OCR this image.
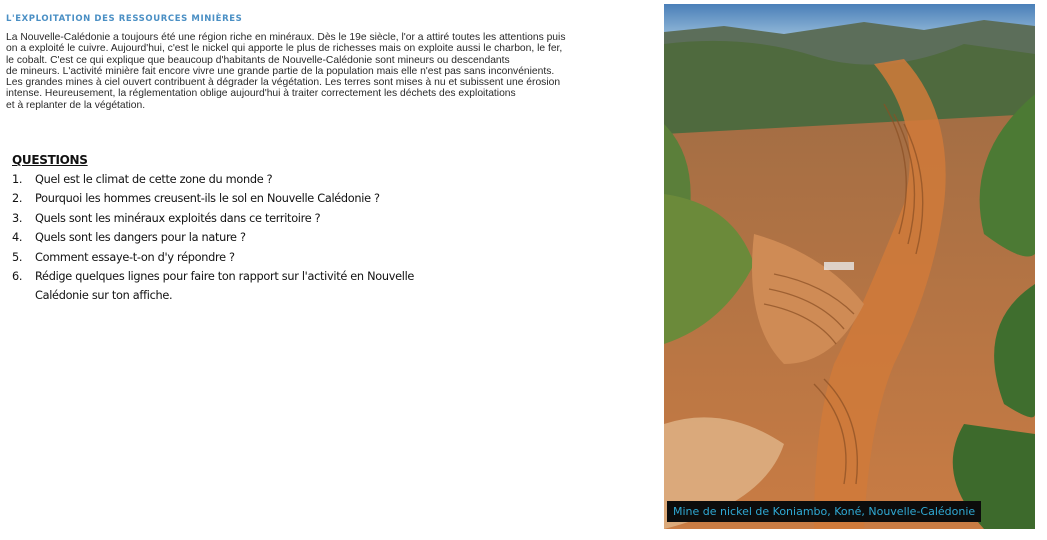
L'EXPLOITATION DES RESSOURCES MINIÈRES

La Nouvelle-Calédonie a toujours été une région riche en minéraux. Dès le 19e siècle, l'or a attiré toutes les attentions puis
on a exploité le cuivre. Aujourd'hui, c'est le nickel qui apporte le plus de richesses mais on exploite aussi le charbon, le fer,
le cobalt. C'est ce qui explique que beaucoup d'habitants de Nouvelle-Calédonie sont mineurs ou descendants
de mineurs. L'activité minière fait encore vivre une grande partie de la population mais elle n'est pas sans inconvénients.
Les grandes mines à ciel ouvert contribuent à dégrader la végétation. Les terres sont mises à nu et subissent une érosion
intense. Heureusement, la réglementation oblige aujourd'hui à traiter correctement les déchets des exploitations
et à replanter de la végétation.

QUESTIONS
1. Quel est le climat de cette zone du monde ?
2. Pourquoi les hommes creusent-ils le sol en Nouvelle Calédonie ?
3. Quels sont les minéraux exploités dans ce territoire ?
4. Quels sont les dangers pour la nature ?
5. Comment essaye-t-on d'y répondre ?
6. Rédige quelques lignes pour faire ton rapport sur l'activité en Nouvelle Calédonie sur ton affiche.
Mine de nickel de Koniambo, Koné, Nouvelle-Calédonie
